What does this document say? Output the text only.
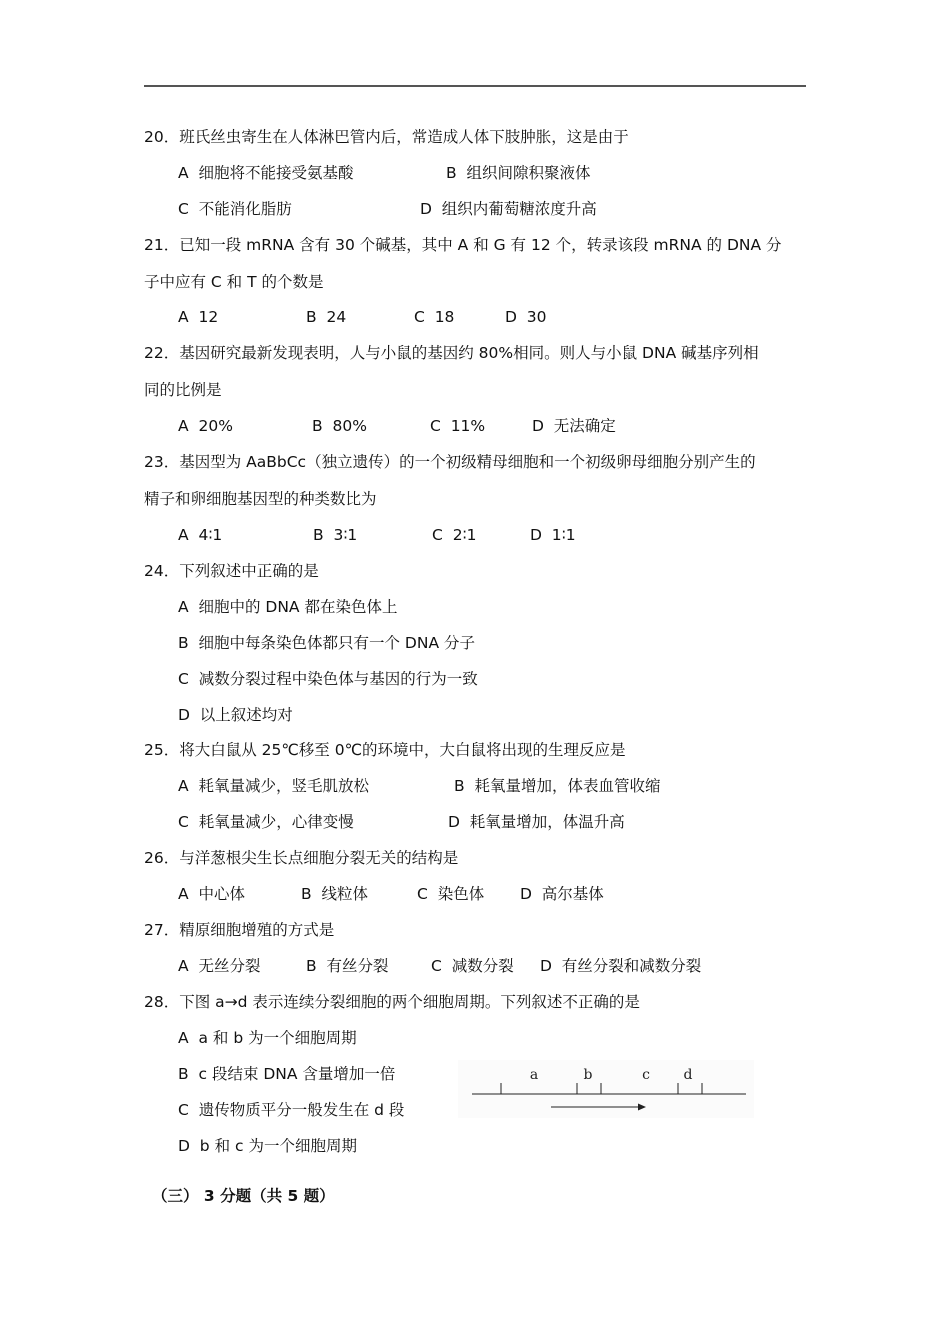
20．班氏丝虫寄生在人体淋巴管内后，常造成人体下肢肿胀，这是由于
A 细胞将不能接受氨基酸	B 组织间隙积聚液体
C 不能消化脂肪	D 组织内葡萄糖浓度升高
21．已知一段 mRNA 含有 30 个碱基，其中 A 和 G 有 12 个，转录该段 mRNA 的 DNA 分
子中应有 C 和 T 的个数是
A 12	B 24	C 18	D 30
22．基因研究最新发现表明，人与小鼠的基因约 80%相同。则人与小鼠 DNA 碱基序列相
同的比例是
A 20%	B 80%	C 11%	D 无法确定
23．基因型为 AaBbCc（独立遗传）的一个初级精母细胞和一个初级卵母细胞分别产生的
精子和卵细胞基因型的种类数比为
A 4∶1	B 3∶1	C 2∶1	D 1∶1
24．下列叙述中正确的是
A 细胞中的 DNA 都在染色体上
B 细胞中每条染色体都只有一个 DNA 分子
C 减数分裂过程中染色体与基因的行为一致
D 以上叙述均对
25．将大白鼠从 25℃移至 0℃的环境中，大白鼠将出现的生理反应是
A 耗氧量减少，竖毛肌放松	B 耗氧量增加，体表血管收缩
C 耗氧量减少，心律变慢	D 耗氧量增加，体温升高
26．与洋葱根尖生长点细胞分裂无关的结构是
A 中心体	B 线粒体	C 染色体 D 高尔基体
27．精原细胞增殖的方式是
A 无丝分裂	B 有丝分裂	C 减数分裂 D 有丝分裂和减数分裂
28．下图 a→d 表示连续分裂细胞的两个细胞周期。下列叙述不正确的是
A a 和 b 为一个细胞周期
B c 段结束 DNA 含量增加一倍
C 遗传物质平分一般发生在 d 段
D b 和 c 为一个细胞周期
a	b	c d
（三） 3 分题（共 5 题）
